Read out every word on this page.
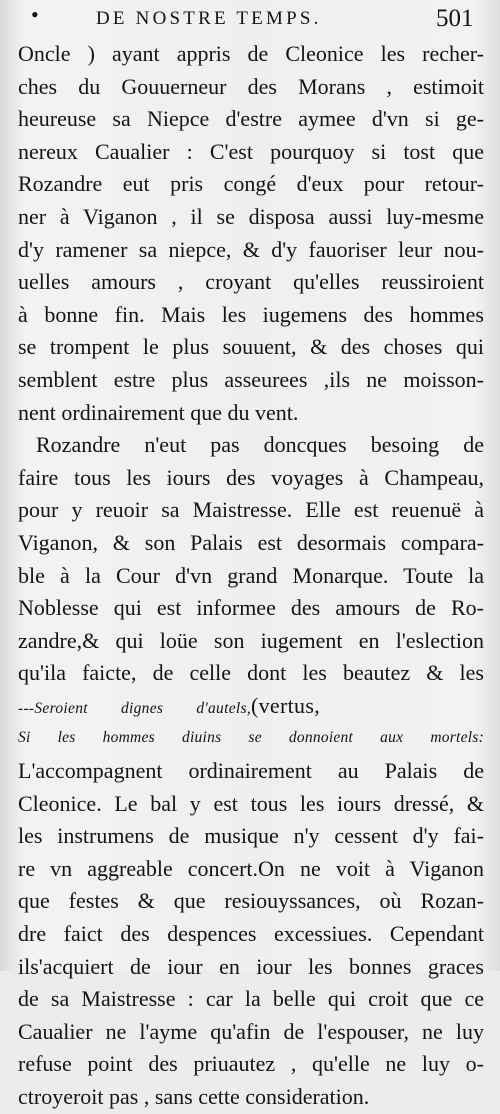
•	DE NOSTRE TEMPS.	501
Oncle ) ayant appris de Cleonice les recher-
ches du Gouuerneur des Morans , estimoit
heureuse sa Niepce d'estre aymee d'vn si ge-
nereux Caualier : C'est pourquoy si tost que
Rozandre eut pris congé d'eux pour retour-
ner à Viganon , il se disposa aussi luy-mesme
d'y ramener sa niepce, & d'y fauoriser leur nou-
uelles amours , croyant qu'elles reussiroient
à bonne fin. Mais les iugemens des hommes
se trompent le plus souuent, & des choses qui
semblent estre plus asseurees ,ils ne moisson-
nent ordinairement que du vent.
Rozandre n'eut pas doncques besoing de
faire tous les iours des voyages à Champeau,
pour y reuoir sa Maistresse. Elle est reuenuë à
Viganon, & son Palais est desormais compara-
ble à la Cour d'vn grand Monarque. Toute la
Noblesse qui est informee des amours de Ro-
zandre,& qui loüe son iugement en l'eslection
qu'ila faicte, de celle dont les beautez & les
---Seroient dignes d'autels, (vertus,
Si les hommes diuins se donnoient aux mortels:
L'accompagnent ordinairement au Palais de
Cleonice. Le bal y est tous les iours dressé, &
les instrumens de musique n'y cessent d'y fai-
re vn aggreable concert.On ne voit à Viganon
que festes & que resiouyssances, où Rozan-
dre faict des despences excessiues. Cependant
ils'acquiert de iour en iour les bonnes graces
de sa Maistresse : car la belle qui croit que ce
Caualier ne l'ayme qu'afin de l'espouser, ne luy
refuse point des priuautez , qu'elle ne luy o-
ctroyeroit pas , sans cette consideration.
